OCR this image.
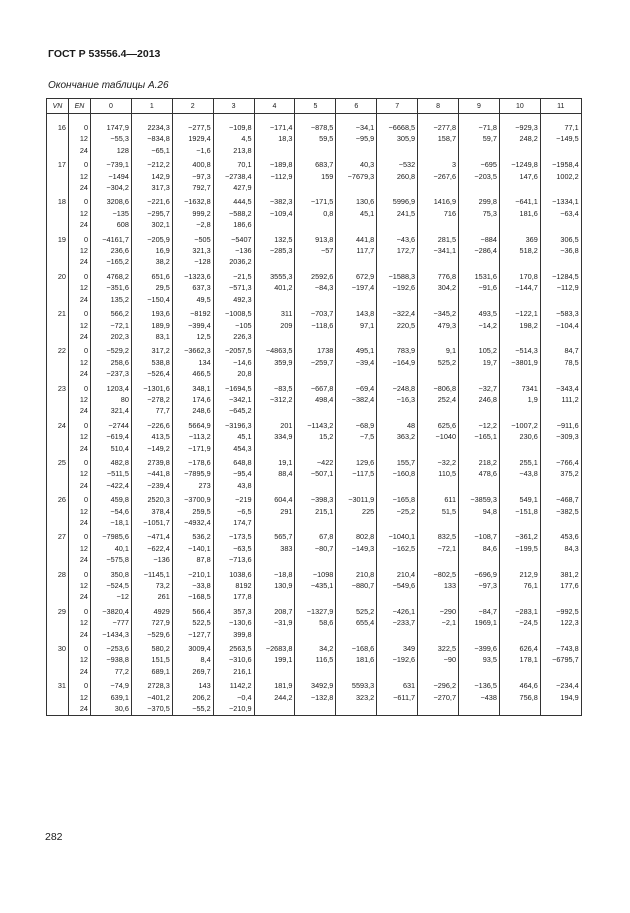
ГОСТ Р 53556.4—2013
Окончание таблицы А.26
VN	EN	0	1	2	3	4	5	6	7	8	9	10	11

16	0	1747,9	2234,3	−277,5	−109,8	−171,4	−878,5	−34,1	−6668,5	−277,8	−71,8	−929,3	77,1
	12	−55,3	−834,8	1929,4	4,5	18,3	59,5	−95,9	305,9	158,7	59,7	248,2	−149,5
	24	128	−65,1	−1,6	213,8								
17	0	−739,1	−212,2	400,8	70,1	−189,8	683,7	40,3	−532	3	−695	−1249,8	−1958,4
	12	−1494	142,9	−97,3	−2738,4	−112,9	159	−7679,3	260,8	−267,6	−203,5	147,6	1002,2
	24	−304,2	317,3	792,7	427,9								
18	0	3208,6	−221,6	−1632,8	444,5	−382,3	−171,5	130,6	5996,9	1416,9	299,8	−641,1	−1334,1
	12	−135	−295,7	999,2	−588,2	−109,4	0,8	45,1	241,5	716	75,3	181,6	−63,4
	24	608	302,1	−2,8	186,6								
19	0	−4161,7	−205,9	−505	−5407	132,5	913,8	441,8	−43,6	281,5	−884	369	306,5
	12	236,6	16,9	321,3	−136	−285,3	−57	117,7	172,7	−341,1	−286,4	518,2	−36,8
	24	−165,2	38,2	−128	2036,2								
20	0	4768,2	651,6	−1323,6	−21,5	3555,3	2592,6	672,9	−1588,3	776,8	1531,6	170,8	−1284,5
	12	−351,6	29,5	637,3	−571,3	401,2	−84,3	−197,4	−192,6	304,2	−91,6	−144,7	−112,9
	24	135,2	−150,4	49,5	492,3								
21	0	566,2	193,6	−8192	−1008,5	311	−703,7	143,8	−322,4	−345,2	493,5	−122,1	−583,3
	12	−72,1	189,9	−399,4	−105	209	−118,6	97,1	220,5	479,3	−14,2	198,2	−104,4
	24	202,3	83,1	12,5	226,3								
22	0	−529,2	317,2	−3662,3	−2057,5	−4863,5	1738	495,1	783,9	9,1	105,2	−514,3	84,7
	12	258,6	538,8	134	−14,6	359,9	−259,7	−39,4	−164,9	525,2	19,7	−3801,9	78,5
	24	−237,3	−526,4	466,5	20,8								
23	0	1203,4	−1301,6	348,1	−1694,5	−83,5	−667,8	−69,4	−248,8	−806,8	−32,7	7341	−343,4
	12	80	−278,2	174,6	−342,1	−312,2	498,4	−382,4	−16,3	252,4	246,8	1,9	111,2
	24	321,4	77,7	248,6	−645,2								
24	0	−2744	−226,6	5664,9	−3196,3	201	−1143,2	−68,9	48	625,6	−12,2	−1007,2	−911,6
	12	−619,4	413,5	−113,2	45,1	334,9	15,2	−7,5	363,2	−1040	−165,1	230,6	−309,3
	24	510,4	−149,2	−171,9	454,3								
25	0	482,8	2739,8	−178,6	648,8	19,1	−422	129,6	155,7	−32,2	218,2	255,1	−766,4
	12	−511,5	−441,8	−7895,9	−95,4	88,4	−507,1	−117,5	−160,8	110,5	478,6	−43,8	375,2
	24	−422,4	−239,4	273	43,8								
26	0	459,8	2520,3	−3700,9	−219	604,4	−398,3	−3011,9	−165,8	611	−3859,3	549,1	−468,7
	12	−54,6	378,4	259,5	−6,5	291	215,1	225	−25,2	51,5	94,8	−151,8	−382,5
	24	−18,1	−1051,7	−4932,4	174,7								
27	0	−7985,6	−471,4	536,2	−173,5	565,7	67,8	802,8	−1040,1	832,5	−108,7	−361,2	453,6
	12	40,1	−622,4	−140,1	−63,5	383	−80,7	−149,3	−162,5	−72,1	84,6	−199,5	84,3
	24	−575,8	−136	87,8	−713,6								
28	0	350,8	−1145,1	−210,1	1038,6	−18,8	−1098	210,8	210,4	−802,5	−696,9	212,9	381,2
	12	−524,5	73,2	−33,8	8192	130,9	−435,1	−880,7	−549,6	133	−97,3	76,1	177,6
	24	−12	261	−168,5	177,8								
29	0	−3820,4	4929	566,4	357,3	208,7	−1327,9	525,2	−426,1	−290	−84,7	−283,1	−992,5
	12	−777	727,9	522,5	−130,6	−31,9	58,6	655,4	−233,7	−2,1	1969,1	−24,5	122,3
	24	−1434,3	−529,6	−127,7	399,8								
30	0	−253,6	580,2	3009,4	2563,5	−2683,8	34,2	−168,6	349	322,5	−399,6	626,4	−743,8
	12	−938,8	151,5	8,4	−310,6	199,1	116,5	181,6	−192,6	−90	93,5	178,1	−6795,7
	24	77,2	689,1	269,7	216,1								
31	0	−74,9	2728,3	143	1142,2	181,9	3492,9	5593,3	631	−296,2	−136,5	464,6	−234,4
	12	639,1	−401,2	206,2	−0,4	244,2	−132,8	323,2	−611,7	−270,7	−438	756,8	194,9
	24	30,6	−370,5	−55,2	−210,9								
282
